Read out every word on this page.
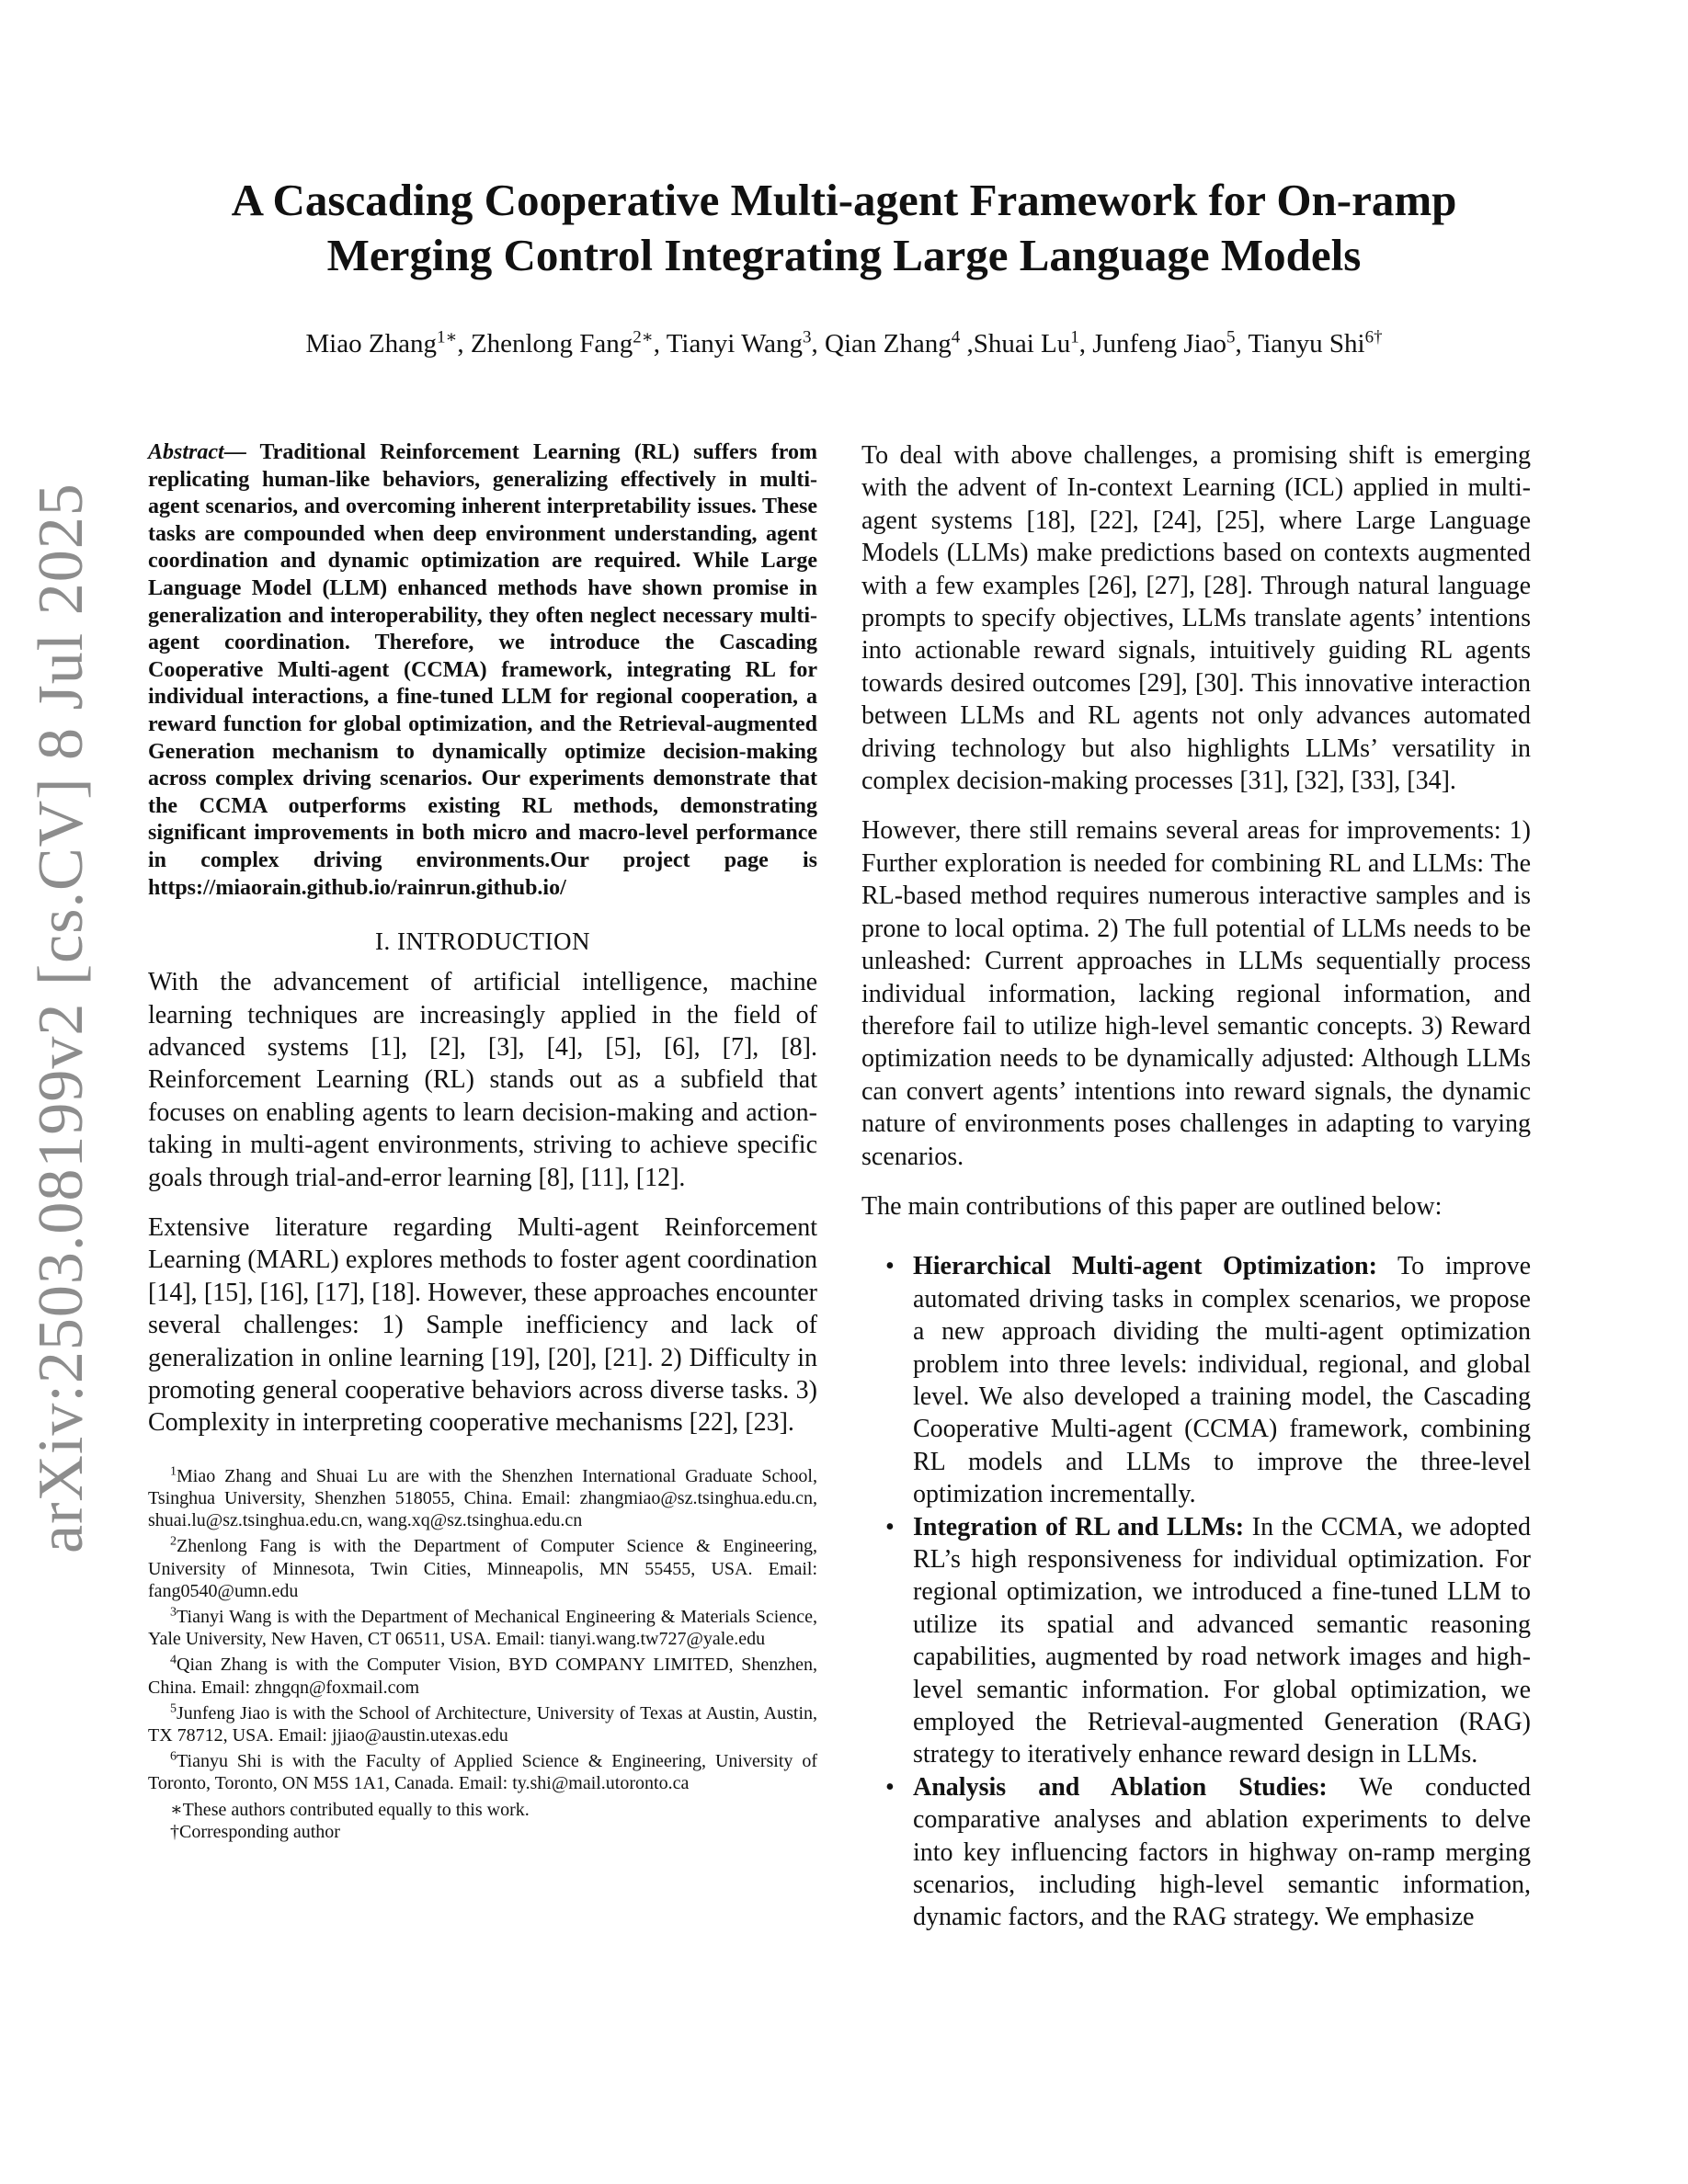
arXiv:2503.08199v2 [cs.CV] 8 Jul 2025
A Cascading Cooperative Multi-agent Framework for On-ramp
Merging Control Integrating Large Language Models
Miao Zhang$^{1∗}$, Zhenlong Fang$^{2∗}$, Tianyi Wang$^3$, Qian Zhang$^4$ ,Shuai Lu$^1$, Junfeng Jiao$^5$, Tianyu Shi$^{6\dagger}$

Abstract— Traditional Reinforcement Learning (RL) suffers from replicating human-like behaviors, generalizing effectively in multi-agent scenarios, and overcoming inherent interpretability issues. These tasks are compounded when deep environment understanding, agent coordination and dynamic optimization are required. While Large Language Model (LLM) enhanced methods have shown promise in generalization and interoperability, they often neglect necessary multi-agent coordination. Therefore, we introduce the Cascading Cooperative Multi-agent (CCMA) framework, integrating RL for individual interactions, a fine-tuned LLM for regional cooperation, a reward function for global optimization, and the Retrieval-augmented Generation mechanism to dynamically optimize decision-making across complex driving scenarios. Our experiments demonstrate that the CCMA outperforms existing RL methods, demonstrating significant improvements in both micro and macro-level performance in complex driving environments.Our project page is https://miaorain.github.io/rainrun.github.io/

I. INTRODUCTION

With the advancement of artificial intelligence, machine learning techniques are increasingly applied in the field of advanced systems [1], [2], [3], [4], [5], [6], [7], [8]. Reinforcement Learning (RL) stands out as a subfield that focuses on enabling agents to learn decision-making and action-taking in multi-agent environments, striving to achieve specific goals through trial-and-error learning [8], [11], [12].

Extensive literature regarding Multi-agent Reinforcement Learning (MARL) explores methods to foster agent coordination [14], [15], [16], [17], [18]. However, these approaches encounter several challenges: 1) Sample inefficiency and lack of generalization in online learning [19], [20], [21]. 2) Difficulty in promoting general cooperative behaviors across diverse tasks. 3) Complexity in interpreting cooperative mechanisms [22], [23].

$^1$Miao Zhang and Shuai Lu are with the Shenzhen International Graduate School, Tsinghua University, Shenzhen 518055, China. Email: zhangmiao@sz.tsinghua.edu.cn, shuai.lu@sz.tsinghua.edu.cn, wang.xq@sz.tsinghua.edu.cn

$^2$Zhenlong Fang is with the Department of Computer Science & Engineering, University of Minnesota, Twin Cities, Minneapolis, MN 55455, USA. Email: fang0540@umn.edu

$^3$Tianyi Wang is with the Department of Mechanical Engineering & Materials Science, Yale University, New Haven, CT 06511, USA. Email: tianyi.wang.tw727@yale.edu

$^4$Qian Zhang is with the Computer Vision, BYD COMPANY LIMITED, Shenzhen, China. Email: zhngqn@foxmail.com

$^5$Junfeng Jiao is with the School of Architecture, University of Texas at Austin, Austin, TX 78712, USA. Email: jjiao@austin.utexas.edu

$^6$Tianyu Shi is with the Faculty of Applied Science & Engineering, University of Toronto, Toronto, ON M5S 1A1, Canada. Email: ty.shi@mail.utoronto.ca

∗These authors contributed equally to this work.

†Corresponding author

To deal with above challenges, a promising shift is emerging with the advent of In-context Learning (ICL) applied in multi-agent systems [18], [22], [24], [25], where Large Language Models (LLMs) make predictions based on contexts augmented with a few examples [26], [27], [28]. Through natural language prompts to specify objectives, LLMs translate agents’ intentions into actionable reward signals, intuitively guiding RL agents towards desired outcomes [29], [30]. This innovative interaction between LLMs and RL agents not only advances automated driving technology but also highlights LLMs’ versatility in complex decision-making processes [31], [32], [33], [34].

However, there still remains several areas for improvements: 1) Further exploration is needed for combining RL and LLMs: The RL-based method requires numerous interactive samples and is prone to local optima. 2) The full potential of LLMs needs to be unleashed: Current approaches in LLMs sequentially process individual information, lacking regional information, and therefore fail to utilize high-level semantic concepts. 3) Reward optimization needs to be dynamically adjusted: Although LLMs can convert agents’ intentions into reward signals, the dynamic nature of environments poses challenges in adapting to varying scenarios.

The main contributions of this paper are outlined below:

• Hierarchical Multi-agent Optimization: To improve automated driving tasks in complex scenarios, we propose a new approach dividing the multi-agent optimization problem into three levels: individual, regional, and global level. We also developed a training model, the Cascading Cooperative Multi-agent (CCMA) framework, combining RL models and LLMs to improve the three-level optimization incrementally.
• Integration of RL and LLMs: In the CCMA, we adopted RL’s high responsiveness for individual optimization. For regional optimization, we introduced a fine-tuned LLM to utilize its spatial and advanced semantic reasoning capabilities, augmented by road network images and high-level semantic information. For global optimization, we employed the Retrieval-augmented Generation (RAG) strategy to iteratively enhance reward design in LLMs.
• Analysis and Ablation Studies: We conducted comparative analyses and ablation experiments to delve into key influencing factors in highway on-ramp merging scenarios, including high-level semantic information, dynamic factors, and the RAG strategy. We emphasize
